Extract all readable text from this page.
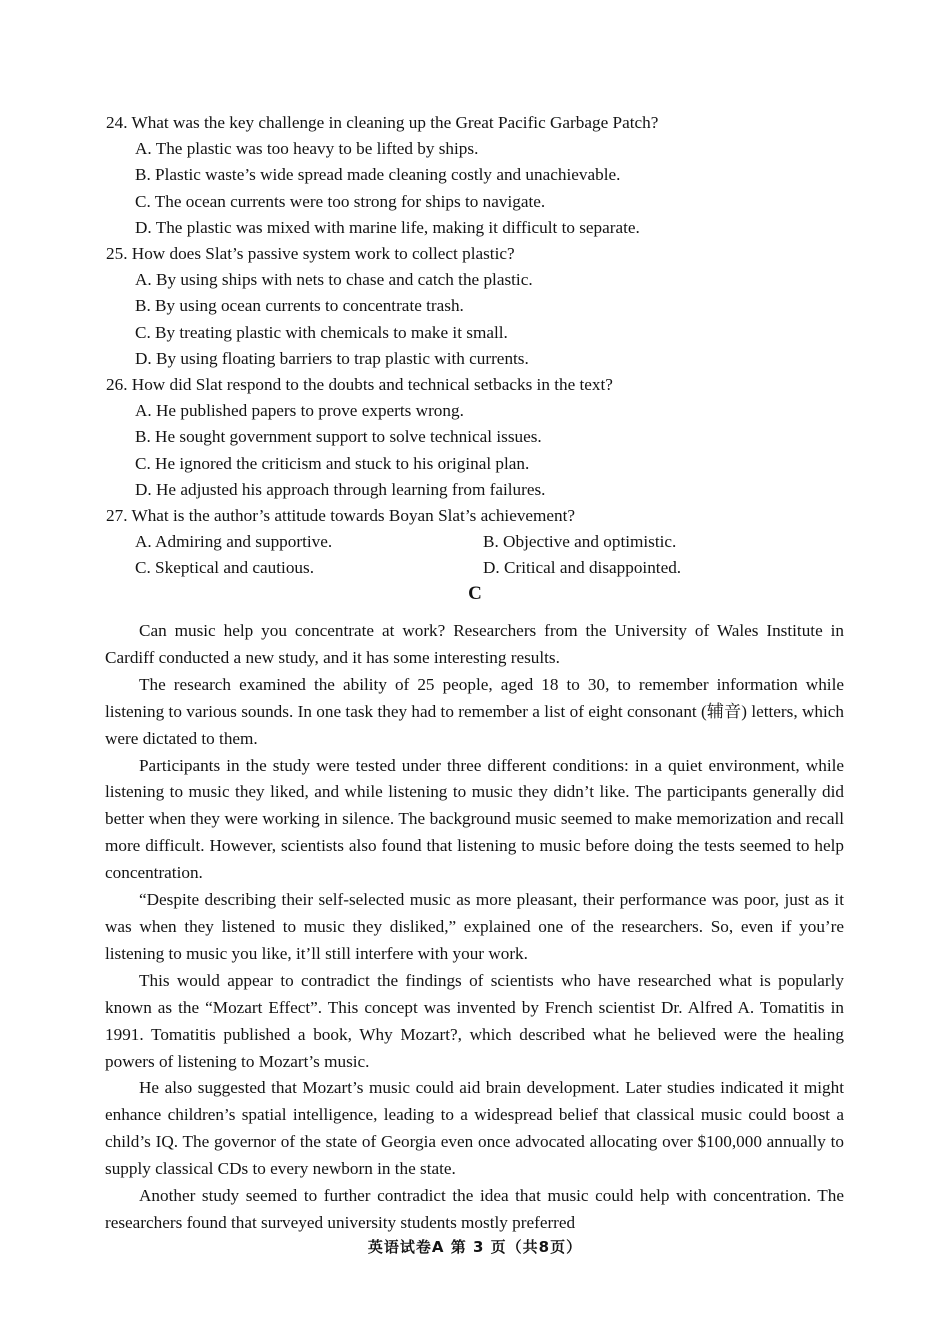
24. What was the key challenge in cleaning up the Great Pacific Garbage Patch?
A. The plastic was too heavy to be lifted by ships.
B. Plastic waste’s wide spread made cleaning costly and unachievable.
C. The ocean currents were too strong for ships to navigate.
D. The plastic was mixed with marine life, making it difficult to separate.
25. How does Slat’s passive system work to collect plastic?
A. By using ships with nets to chase and catch the plastic.
B. By using ocean currents to concentrate trash.
C. By treating plastic with chemicals to make it small.
D. By using floating barriers to trap plastic with currents.
26. How did Slat respond to the doubts and technical setbacks in the text?
A. He published papers to prove experts wrong.
B. He sought government support to solve technical issues.
C. He ignored the criticism and stuck to his original plan.
D. He adjusted his approach through learning from failures.
27. What is the author’s attitude towards Boyan Slat’s achievement?
A. Admiring and supportive.	B. Objective and optimistic.
C. Skeptical and cautious.	D. Critical and disappointed.
C

Can music help you concentrate at work? Researchers from the University of Wales Institute in Cardiff conducted a new study, and it has some interesting results.

The research examined the ability of 25 people, aged 18 to 30, to remember information while listening to various sounds. In one task they had to remember a list of eight consonant (辅音) letters, which were dictated to them.

Participants in the study were tested under three different conditions: in a quiet environment, while listening to music they liked, and while listening to music they didn’t like. The participants generally did better when they were working in silence. The background music seemed to make memorization and recall more difficult. However, scientists also found that listening to music before doing the tests seemed to help concentration.

“Despite describing their self-selected music as more pleasant, their performance was poor, just as it was when they listened to music they disliked,” explained one of the researchers. So, even if you’re listening to music you like, it’ll still interfere with your work.

This would appear to contradict the findings of scientists who have researched what is popularly known as the “Mozart Effect”. This concept was invented by French scientist Dr. Alfred A. Tomatitis in 1991. Tomatitis published a book, Why Mozart?, which described what he believed were the healing powers of listening to Mozart’s music.

He also suggested that Mozart’s music could aid brain development. Later studies indicated it might enhance children’s spatial intelligence, leading to a widespread belief that classical music could boost a child’s IQ. The governor of the state of Georgia even once advocated allocating over $100,000 annually to supply classical CDs to every newborn in the state.

Another study seemed to further contradict the idea that music could help with concentration. The researchers found that surveyed university students mostly preferred

英语试卷A 第 3 页（共8页）
